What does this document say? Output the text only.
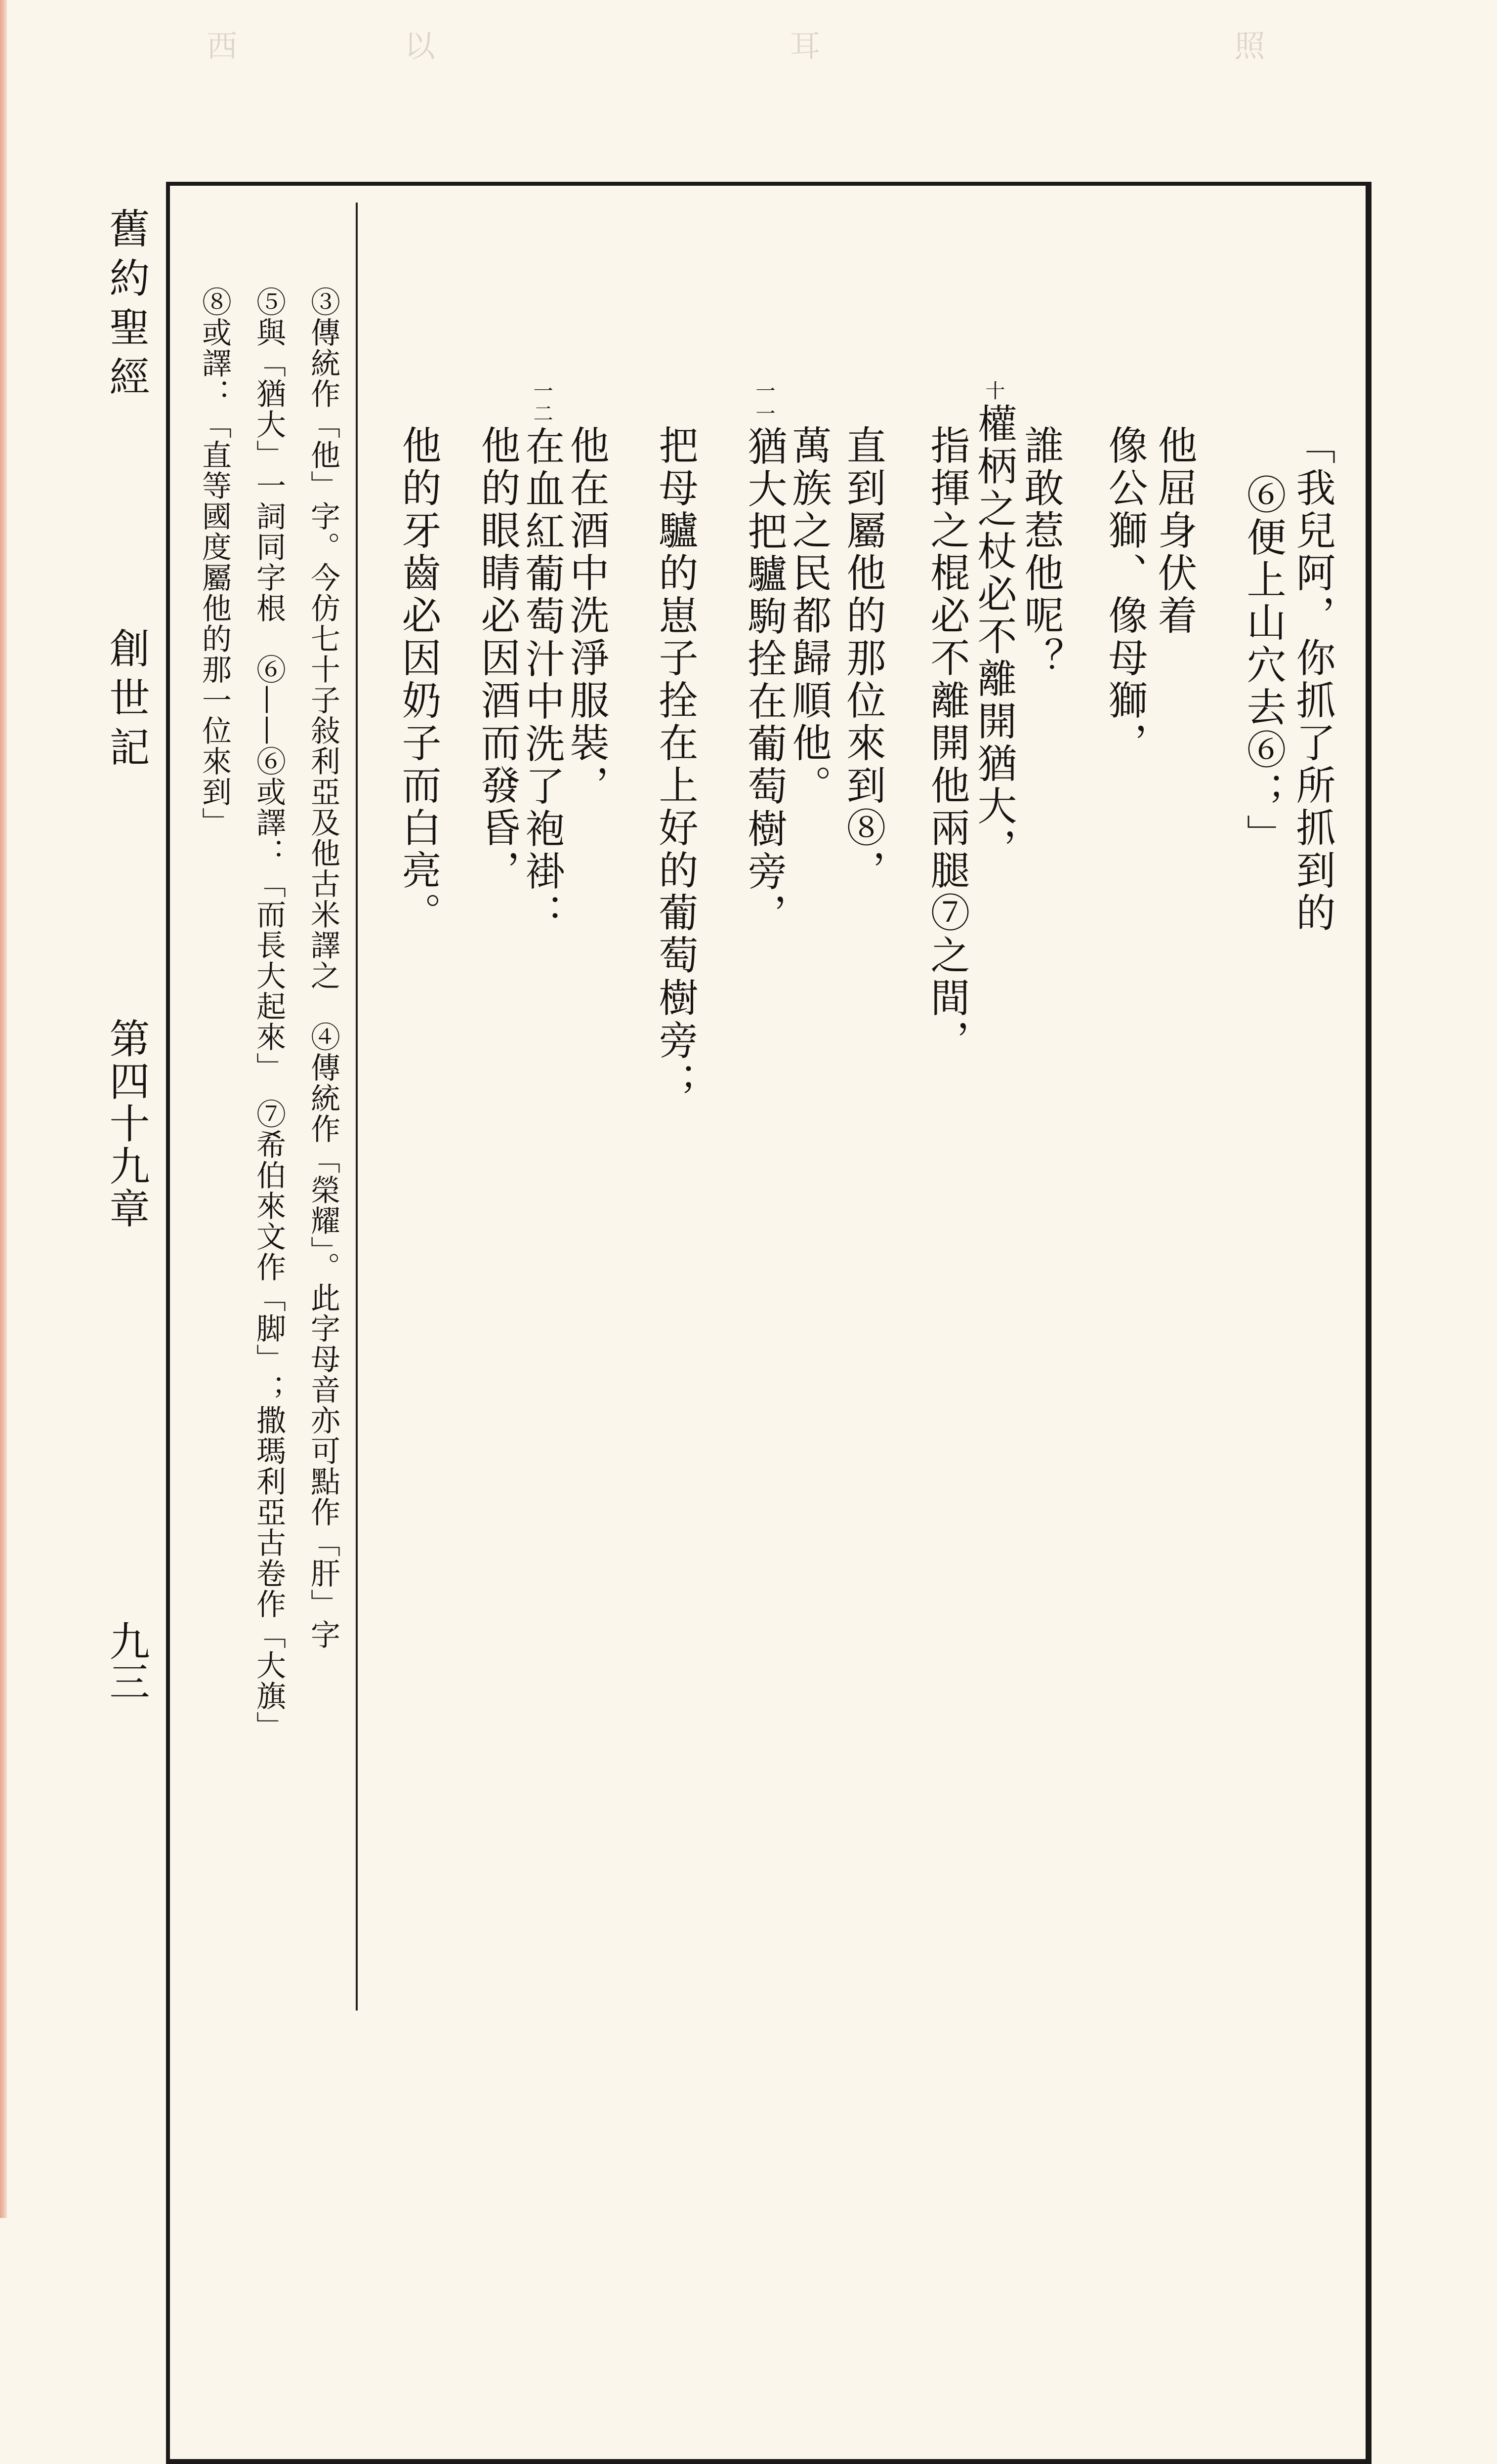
西	以	耳	照
舊約聖經
創世記
第四十九章
九三
「我兒阿，你抓了所抓到的
⑥便上山穴去⑥；」
他屈身伏着
像公獅、像母獅，
誰敢惹他呢？
十權柄之杖必不離開猶大，
指揮之棍必不離開他兩腿⑦之間，
直到屬他的那位來到⑧，
萬族之民都歸順他。
一一猶大把驢駒拴在葡萄樹旁，
把母驢的崽子拴在上好的葡萄樹旁；
他在酒中洗淨服裝，
一二在血紅葡萄汁中洗了袍褂：
他的眼睛必因酒而發昏，
他的牙齒必因奶子而白亮。
③傳統作「他」字。今仿七十子敍利亞及他古米譯之　④傳統作「榮耀」。此字母音亦可點作「肝」字
⑤與「猶大」一詞同字根　⑥——⑥或譯：「而長大起來」　⑦希伯來文作「脚」；撒瑪利亞古卷作「大旗」
⑧或譯：「直等國度屬他的那一位來到」
